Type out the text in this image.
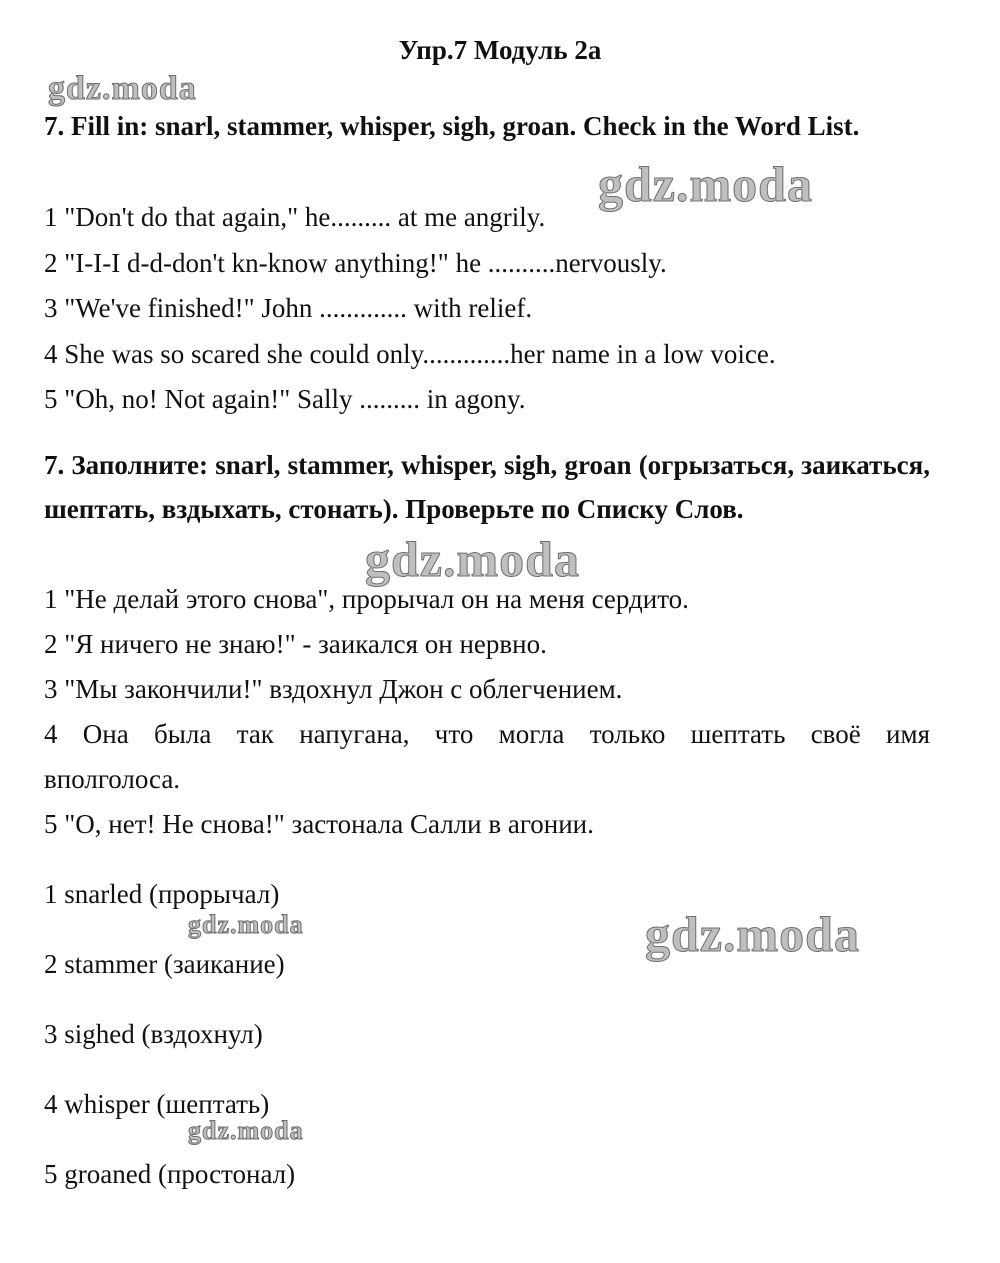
Упр.7 Модуль 2а
7. Fill in: snarl, stammer, whisper, sigh, groan. Check in the Word List.
1 "Don't do that again," he......... at me angrily.
2 "I-I-I d-d-don't kn-know anything!" he ..........nervously.
3 "We've finished!" John ............. with relief.
4 She was so scared she could only.............her name in a low voice.
5 "Oh, no! Not again!" Sally ......... in agony.
7. Заполните: snarl, stammer, whisper, sigh, groan (огрызаться, заикаться, шептать, вздыхать, стонать). Проверьте по Списку Слов.
1 "Не делай этого снова", прорычал он на меня сердито.
2 "Я ничего не знаю!" - заикался он нервно.
3 "Мы закончили!" вздохнул Джон с облегчением.
4 Она была так напугана, что могла только шептать своё имя
вполголоса.
5 "О, нет! Не снова!" застонала Салли в агонии.
1 snarled (прорычал)
2 stammer (заикание)
3 sighed (вздохнул)
4 whisper (шептать)
5 groaned (простонал)
gdz.moda
gdz.moda
gdz.moda
gdz.moda	gdz.moda
gdz.moda
